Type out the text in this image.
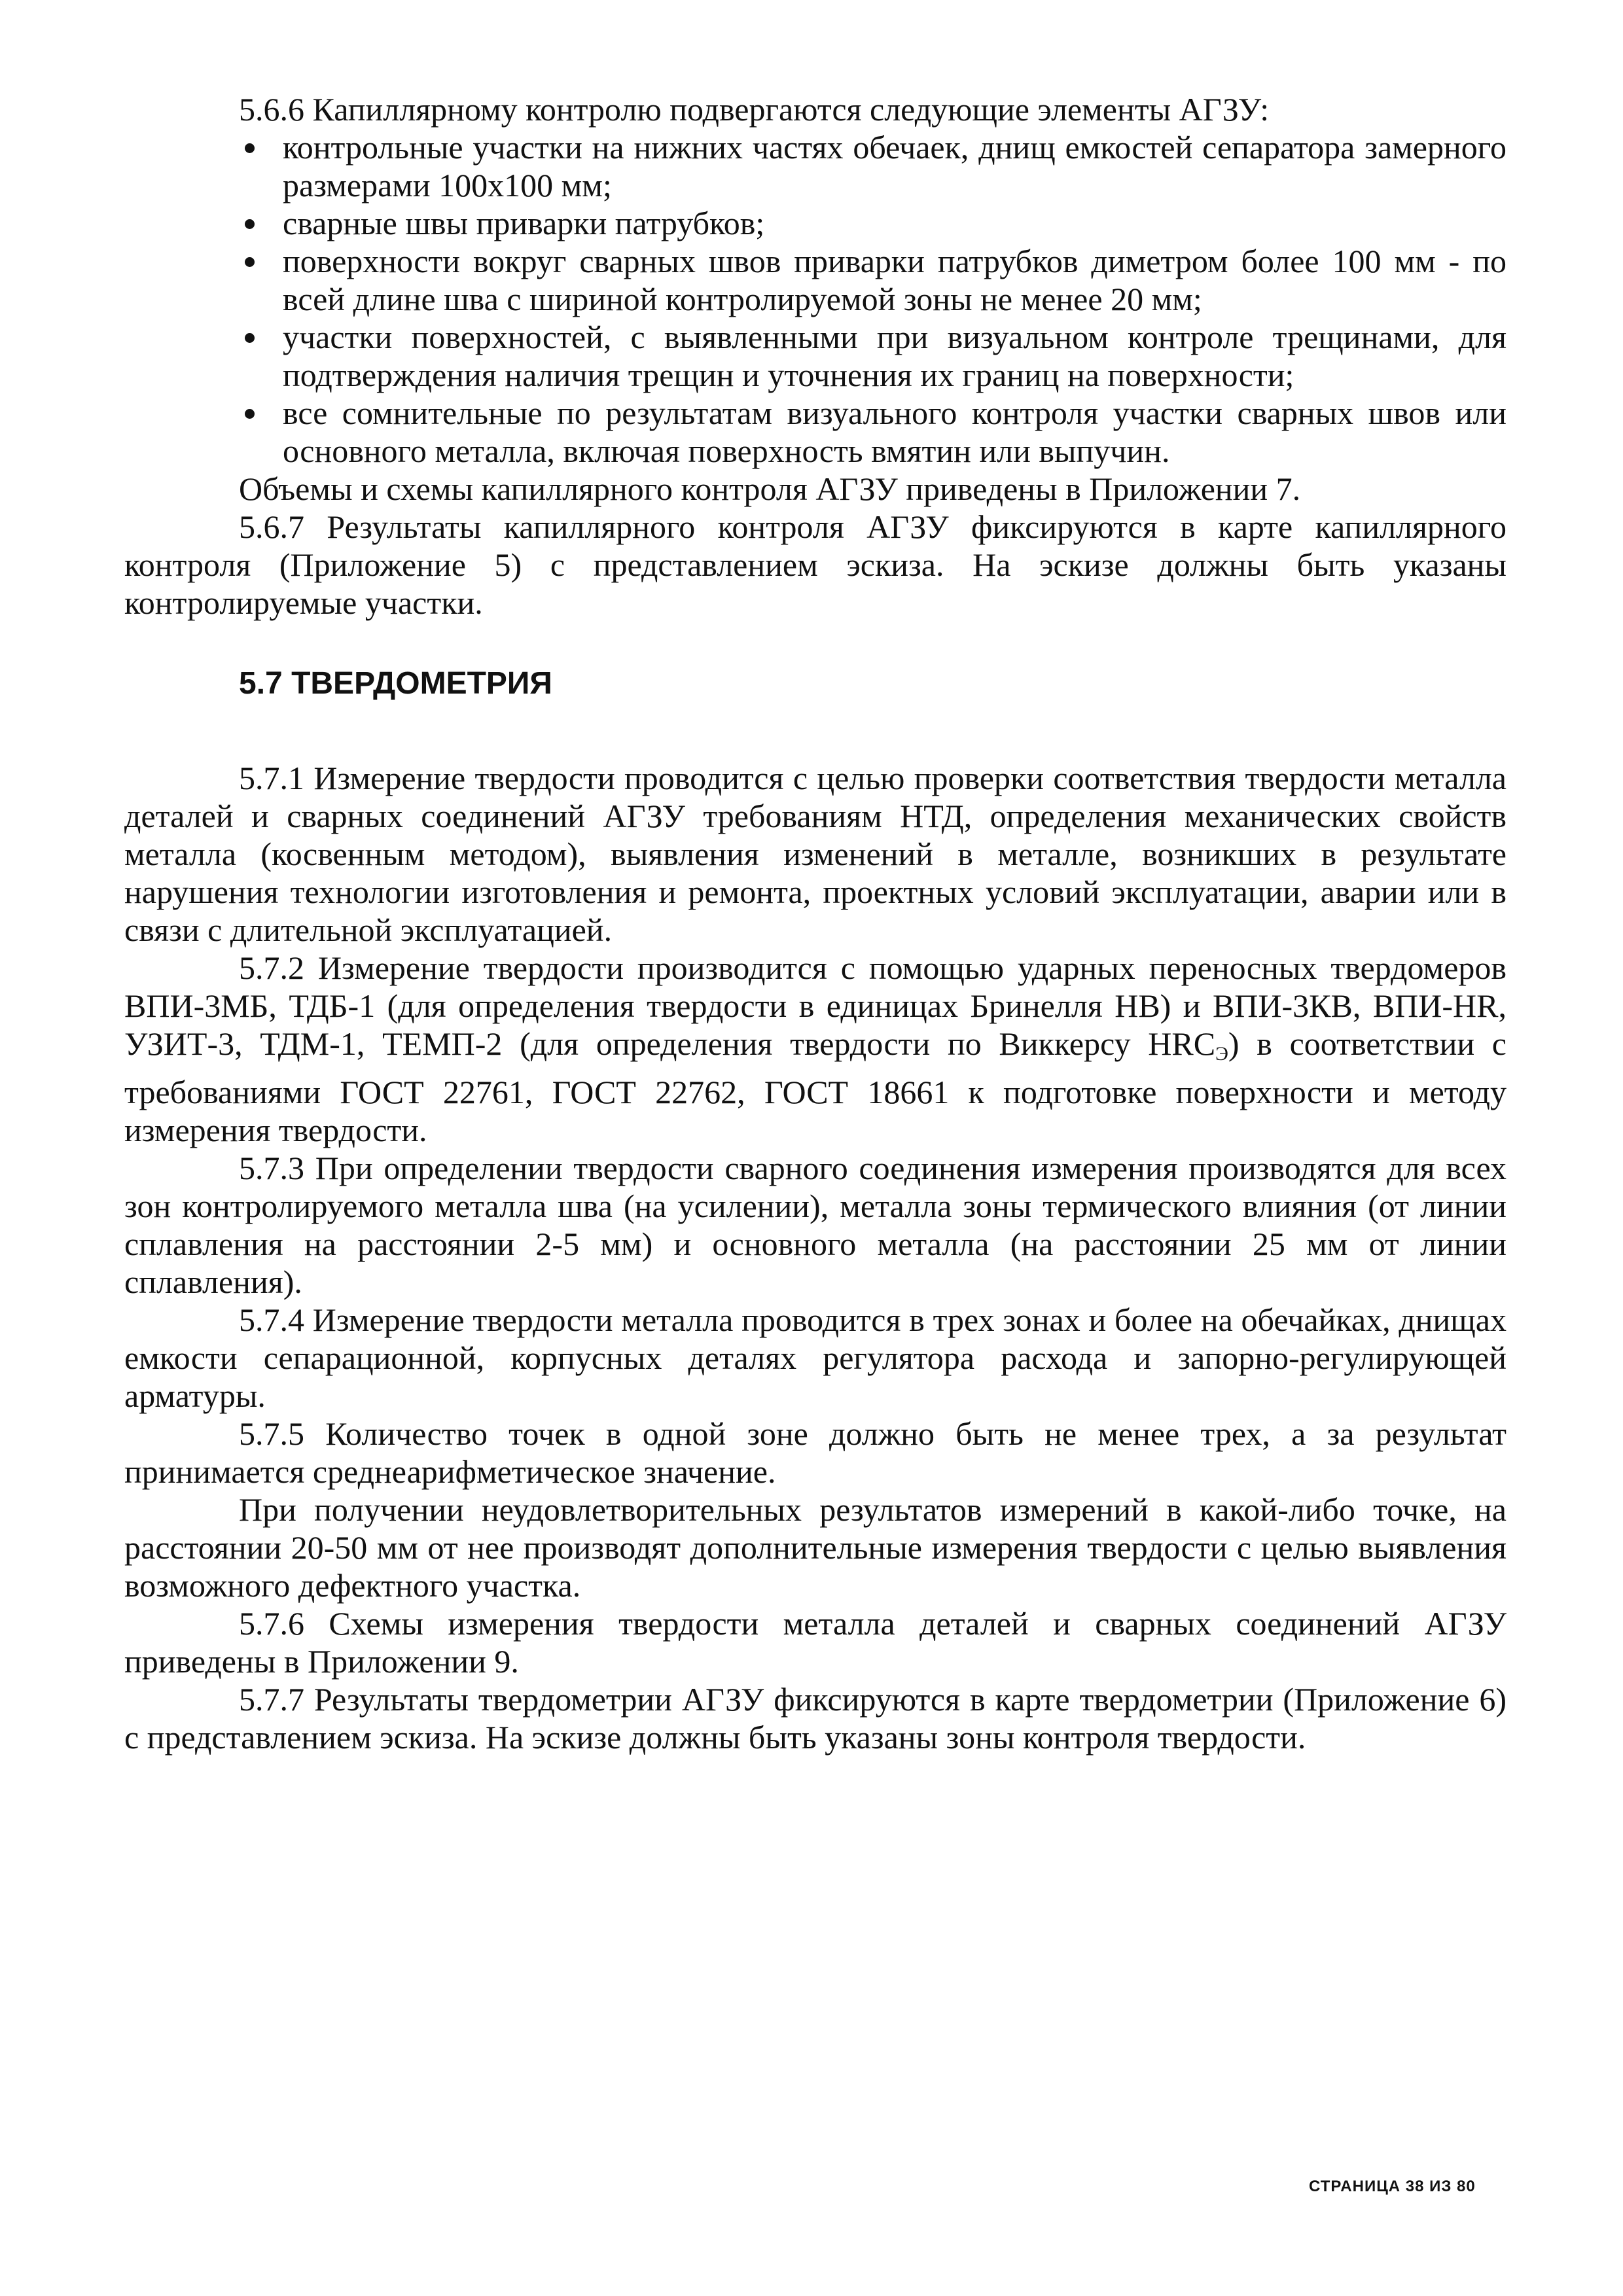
5.6.6 Капиллярному контролю подвергаются следующие элементы АГЗУ:

контрольные участки на нижних частях обечаек, днищ емкостей сепаратора замерного размерами 100х100 мм;

сварные швы приварки патрубков;

поверхности вокруг сварных швов приварки патрубков диметром более 100 мм - по всей длине шва с шириной контролируемой зоны не менее 20 мм;

участки поверхностей, с выявленными при визуальном контроле трещинами, для подтверждения наличия трещин и уточнения их границ на поверхности;

все сомнительные по результатам визуального контроля участки сварных швов или основного металла, включая поверхность вмятин или выпучин.

Объемы и схемы капиллярного контроля АГЗУ приведены в Приложении 7.

5.6.7 Результаты капиллярного контроля АГЗУ фиксируются в карте капиллярного контроля (Приложение 5) с представлением эскиза. На эскизе должны быть указаны контролируемые участки.

5.7 ТВЕРДОМЕТРИЯ

5.7.1 Измерение твердости проводится с целью проверки соответствия твердости металла деталей и сварных соединений АГЗУ требованиям НТД, определения механических свойств металла (косвенным методом), выявления изменений в металле, возникших в результате нарушения технологии изготовления и ремонта, проектных условий эксплуатации, аварии или в связи с длительной эксплуатацией.

5.7.2 Измерение твердости производится с помощью ударных переносных твердомеров ВПИ-3МБ, ТДБ-1 (для определения твердости в единицах Бринелля НВ) и ВПИ-3КВ, ВПИ-HR, УЗИТ-3, ТДМ-1, ТЕМП-2 (для определения твердости по Виккерсу $HRC_Э$) в соответствии с требованиями ГОСТ 22761, ГОСТ 22762, ГОСТ 18661 к подготовке поверхности и методу измерения твердости.

5.7.3 При определении твердости сварного соединения измерения производятся для всех зон контролируемого металла шва (на усилении), металла зоны термического влияния (от линии сплавления на расстоянии 2-5 мм) и основного металла (на расстоянии 25 мм от линии сплавления).

5.7.4 Измерение твердости металла проводится в трех зонах и более на обечайках, днищах емкости сепарационной, корпусных деталях регулятора расхода и запорно-регулирующей арматуры.

5.7.5 Количество точек в одной зоне должно быть не менее трех, а за результат принимается среднеарифметическое значение.

При получении неудовлетворительных результатов измерений в какой-либо точке, на расстоянии 20-50 мм от нее производят дополнительные измерения твердости с целью выявления возможного дефектного участка.

5.7.6 Схемы измерения твердости металла деталей и сварных соединений АГЗУ приведены в Приложении 9.

5.7.7 Результаты твердометрии АГЗУ фиксируются в карте твердометрии (Приложение 6) с представлением эскиза. На эскизе должны быть указаны зоны контроля твердости.

СТРАНИЦА 38 ИЗ 80
